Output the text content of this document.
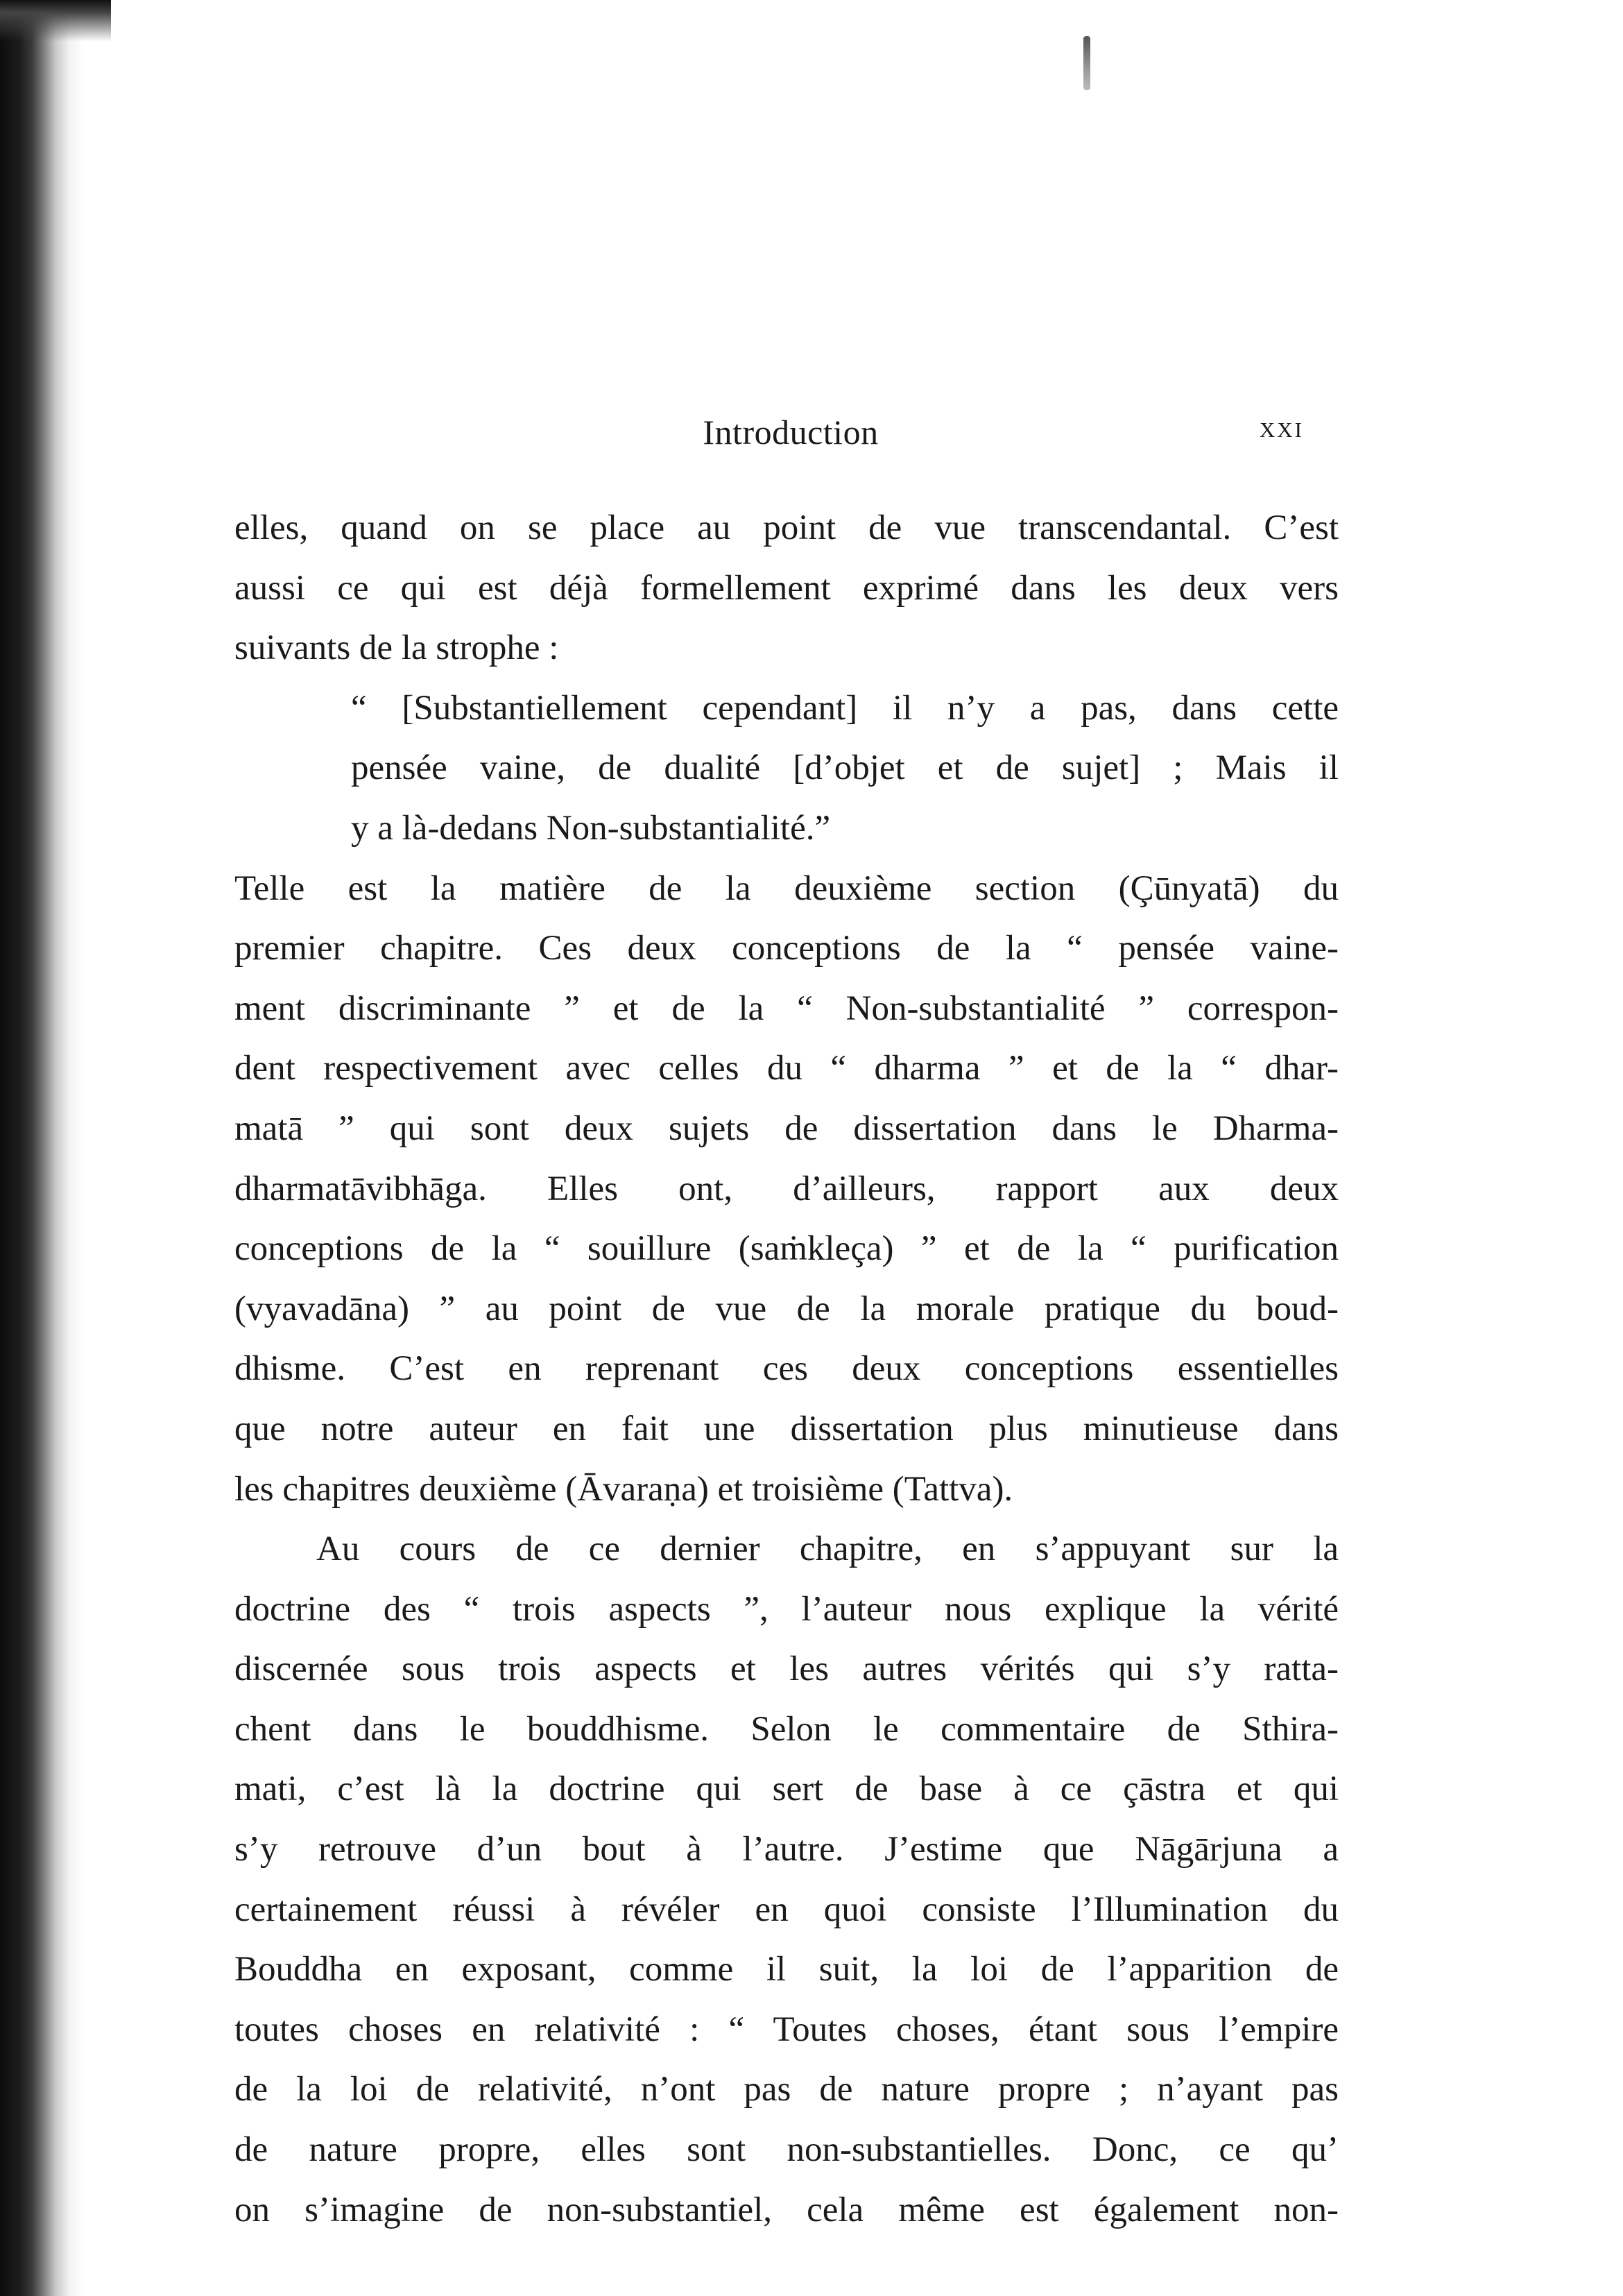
Introduction	xxi
elles, quand on se place au point de vue transcendantal. C’est
aussi ce qui est déjà formellement exprimé dans les deux vers
suivants de la strophe :
“ [Substantiellement cependant] il n’y a pas, dans cette
pensée vaine, de dualité [d’objet et de sujet] ; Mais il
y a là-dedans Non-substantialité.”
Telle est la matière de la deuxième section (Çūnyatā) du
premier chapitre. Ces deux conceptions de la “ pensée vaine-
ment discriminante ” et de la “ Non-substantialité ” correspon-
dent respectivement avec celles du “ dharma ” et de la “ dhar-
matā ” qui sont deux sujets de dissertation dans le Dharma-
dharmatāvibhāga. Elles ont, d’ailleurs, rapport aux deux
conceptions de la “ souillure (saṁkleça) ” et de la “ purification
(vyavadāna) ” au point de vue de la morale pratique du boud-
dhisme. C’est en reprenant ces deux conceptions essentielles
que notre auteur en fait une dissertation plus minutieuse dans
les chapitres deuxième (Āvaraṇa) et troisième (Tattva).
Au cours de ce dernier chapitre, en s’appuyant sur la
doctrine des “ trois aspects ”, l’auteur nous explique la vérité
discernée sous trois aspects et les autres vérités qui s’y ratta-
chent dans le bouddhisme. Selon le commentaire de Sthira-
mati, c’est là la doctrine qui sert de base à ce çāstra et qui
s’y retrouve d’un bout à l’autre. J’estime que Nāgārjuna a
certainement réussi à révéler en quoi consiste l’Illumination du
Bouddha en exposant, comme il suit, la loi de l’apparition de
toutes choses en relativité : “ Toutes choses, étant sous l’empire
de la loi de relativité, n’ont pas de nature propre ; n’ayant pas
de nature propre, elles sont non-substantielles. Donc, ce qu’
on s’imagine de non-substantiel, cela même est également non-
